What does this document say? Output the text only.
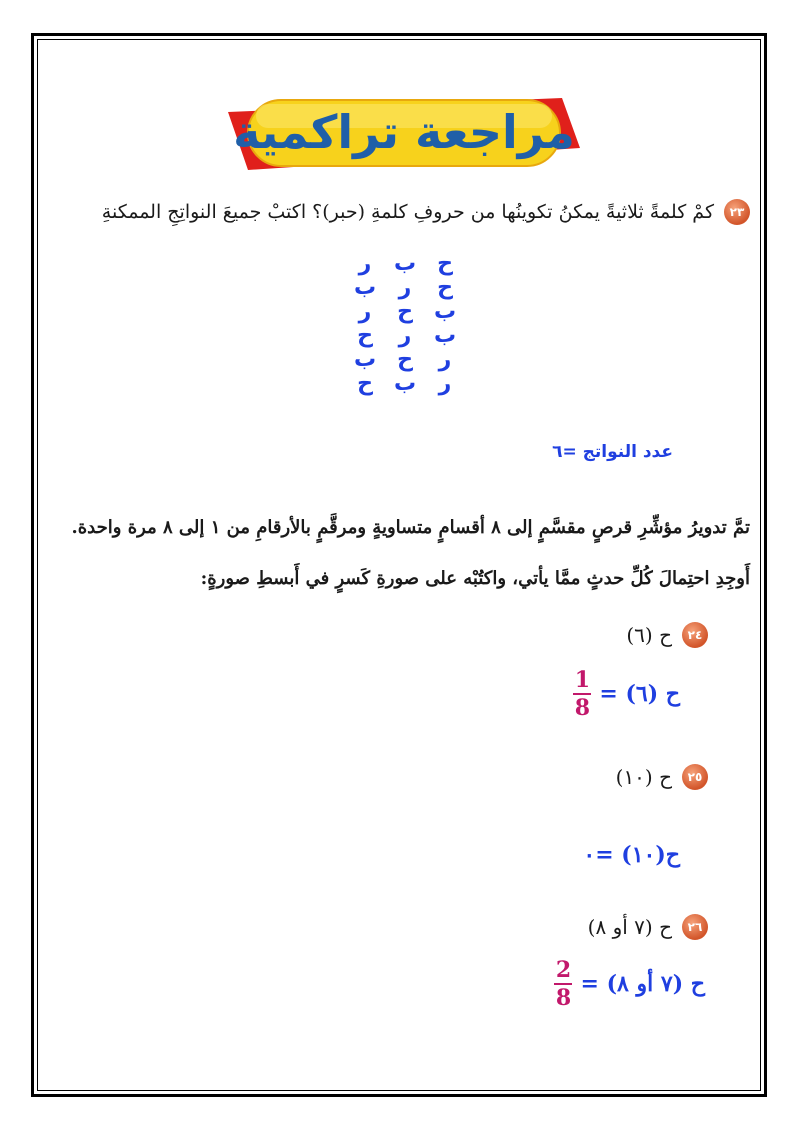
مراجعة تراكمية
٢٣
كمْ كلمةً ثلاثيةً يمكنُ تكوينُها من حروفِ كلمةِ (حبر)؟ اكتبْ جميعَ النواتِجِ الممكنةِ
ح
ب
ر
ح
ر
ب
ب
ح
ر
ب
ر
ح
ر
ح
ب
ر
ب
ح
عدد النواتج =٦
تمَّ تدويرُ مؤشِّرِ قرصٍ مقسَّمٍ إلى ٨ أقسامٍ متساويةٍ ومرقَّمٍ بالأرقامِ من ١ إلى ٨ مرة واحدة.
أَوجِدِ احتِمالَ كُلِّ حدثٍ ممَّا يأتي، واكتُبْه على صورةِ كَسرٍ في أَبسطِ صورةٍ:
٢٤
ح (٦)
ح (٦) =
$\frac{1}{8}$
٢٥
ح (١٠)
ح(١٠) =٠
٢٦
ح (٧ أو ٨)
ح (٧ أو ٨) =
$\frac{2}{8}$
